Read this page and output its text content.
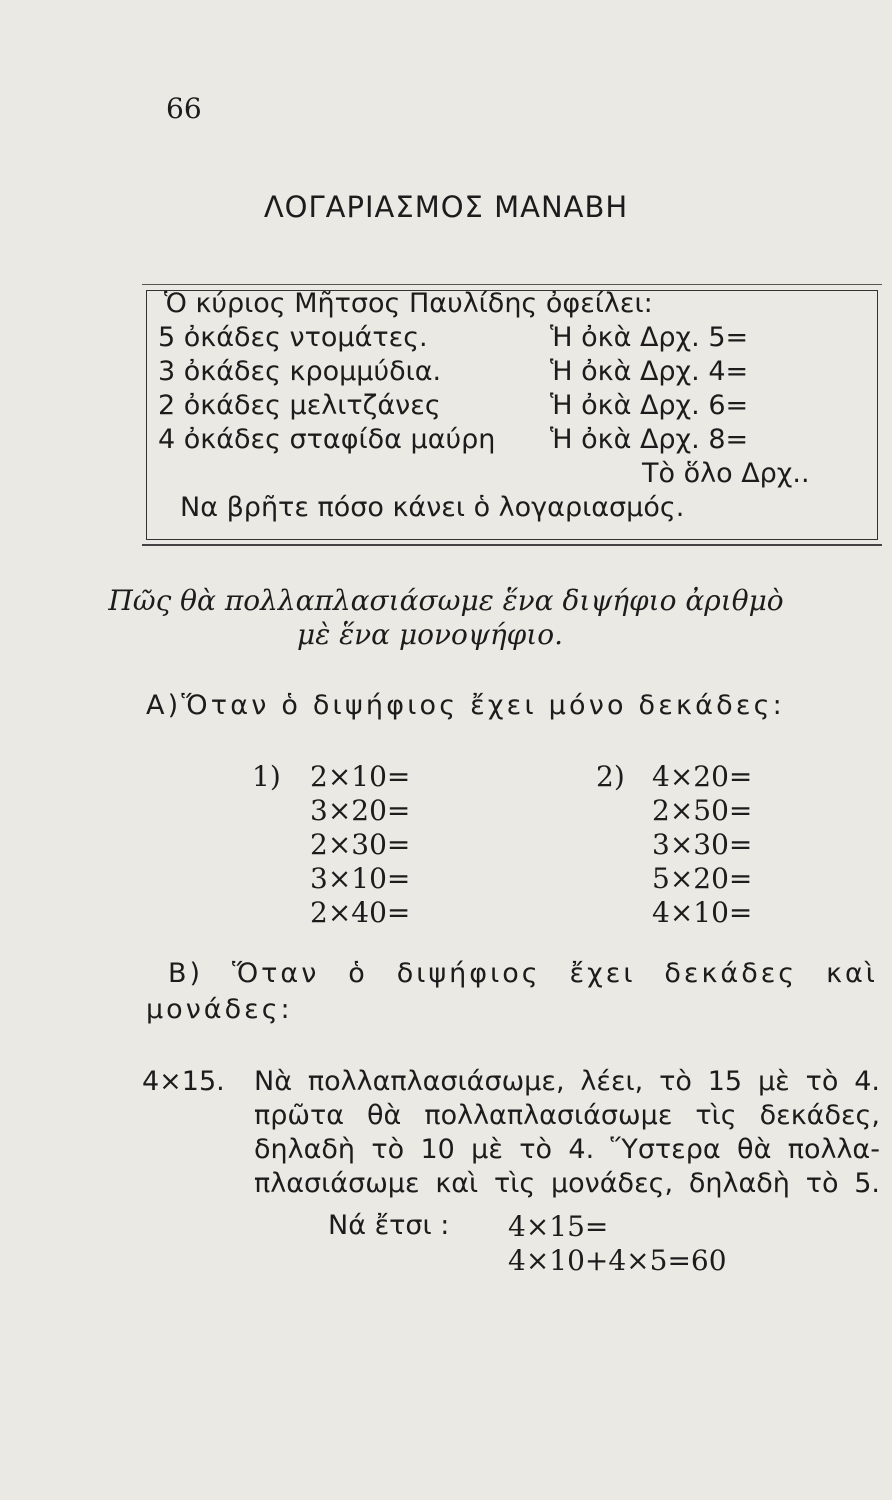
66
ΛΟΓΑΡΙΑΣΜΟΣ ΜΑΝΑΒΗ
Ὁ κύριος Μῆτσος Παυλίδης ὀφείλει:
5 ὀκάδες ντομάτες.	Ἡ ὀκὰ Δρχ. 5=
3 ὀκάδες κρομμύδια.	Ἡ ὀκὰ Δρχ. 4=
2 ὀκάδες μελιτζάνες	Ἡ ὀκὰ Δρχ. 6=
4 ὀκάδες σταφίδα μαύρη Ἡ ὀκὰ Δρχ. 8=
Τὸ ὅλο Δρχ..
Να βρῆτε πόσο κάνει ὁ λογαριασμός.
Πῶς θὰ πολλαπλασιάσωμε ἕνα διψήφιο ἀριθμὸ
μὲ ἕνα μονοψήφιο.
Α)Ὅταν ὁ διψήφιος ἔχει μόνο δεκάδες:
1) 2×10=
3×20=
2×30=
3×10=
2×40=
2) 4×20=
2×50=
3×30=
5×20=
4×10=
Β) Ὅταν ὁ διψήφιος ἔχει δεκάδες καὶ
μονάδες:
4×15. Νὰ πολλαπλασιάσωμε, λέει, τὸ 15 μὲ τὸ 4.
πρῶτα θὰ πολλαπλασιάσωμε τὶς δεκάδες,
δηλαδὴ τὸ 10 μὲ τὸ 4. Ὕστερα θὰ πολλα-
πλασιάσωμε καὶ τὶς μονάδες, δηλαδὴ τὸ 5.
Νά ἔτσι : 4×15=
4×10+4×5=60
